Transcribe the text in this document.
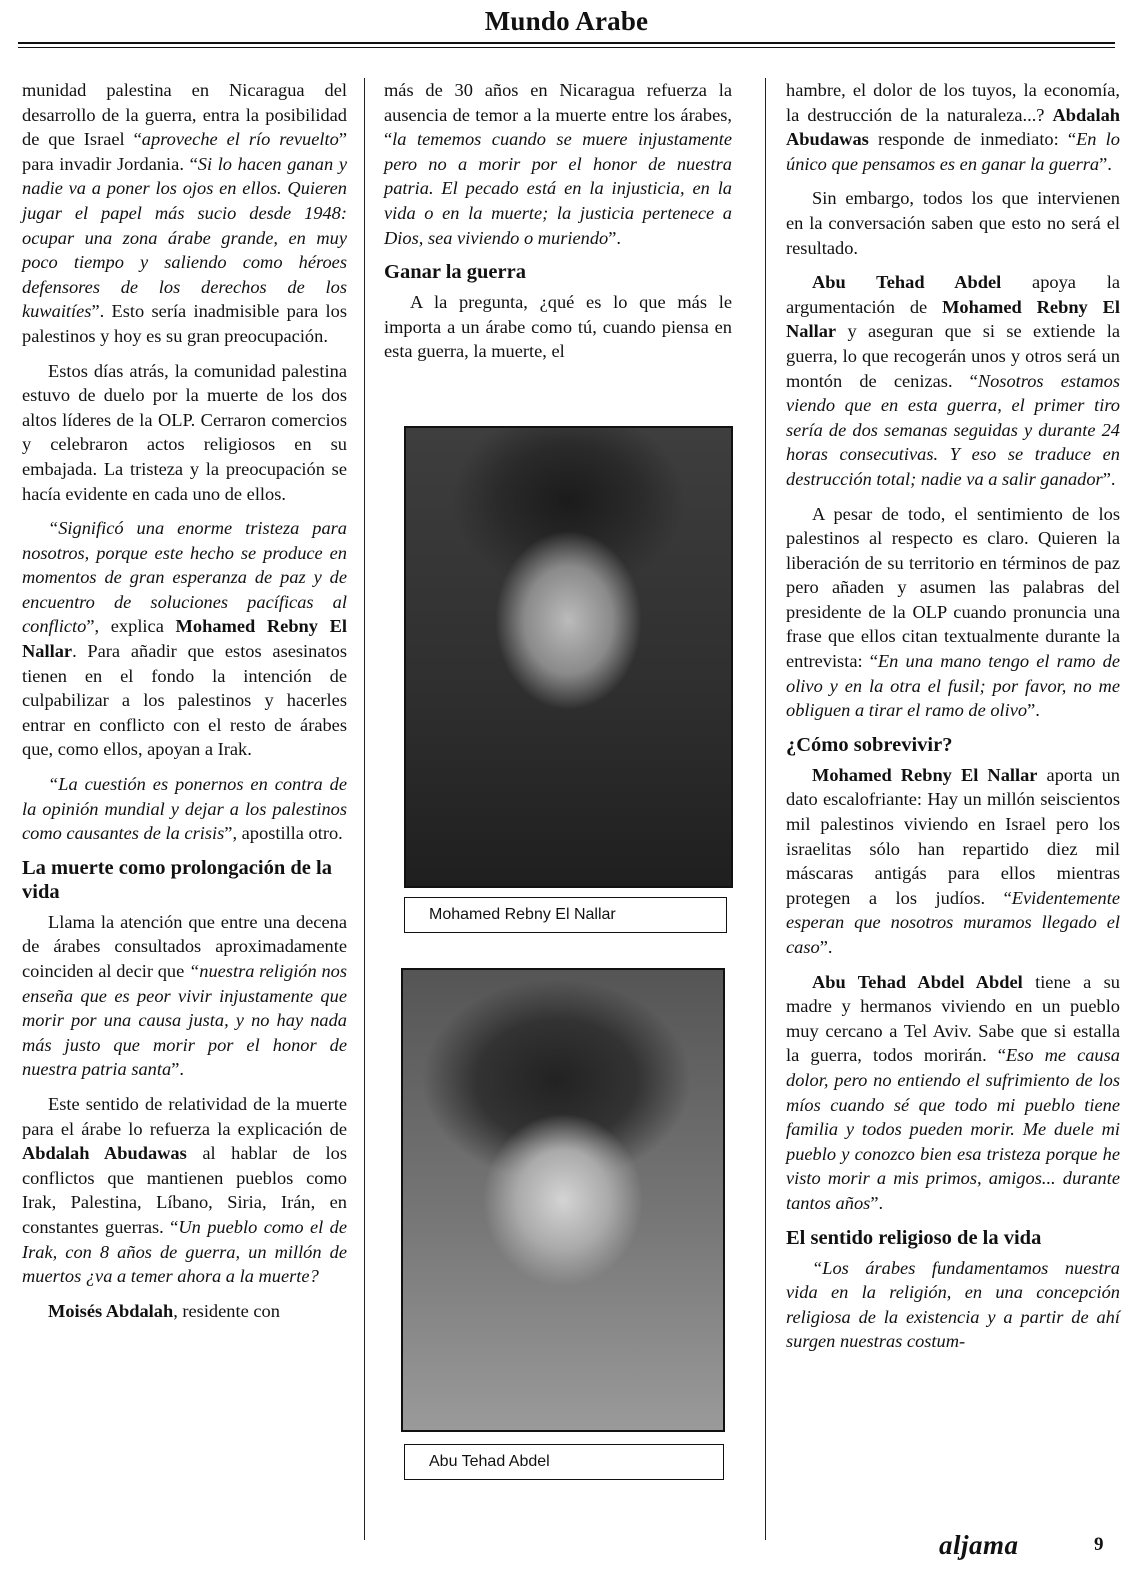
Mundo Arabe

munidad palestina en Nicaragua del desarrollo de la guerra, entra la posibilidad de que Israel “aproveche el río revuelto” para invadir Jordania. “Si lo hacen ganan y nadie va a poner los ojos en ellos. Quieren jugar el papel más sucio desde 1948: ocupar una zona árabe grande, en muy poco tiempo y saliendo como héroes defensores de los derechos de los kuwaitíes”. Esto sería inadmisible para los palestinos y hoy es su gran preocupación.

Estos días atrás, la comunidad palestina estuvo de duelo por la muerte de los dos altos líderes de la OLP. Cerraron comercios y celebraron actos religiosos en su embajada. La tristeza y la preocupación se hacía evidente en cada uno de ellos.

“Significó una enorme tristeza para nosotros, porque este hecho se produce en momentos de gran esperanza de paz y de encuentro de soluciones pacíficas al conflicto”, explica Mohamed Rebny El Nallar. Para añadir que estos asesinatos tienen en el fondo la intención de culpabilizar a los palestinos y hacerles entrar en conflicto con el resto de árabes que, como ellos, apoyan a Irak.

“La cuestión es ponernos en contra de la opinión mundial y dejar a los palestinos como causantes de la crisis”, apostilla otro.

La muerte como prolongación de la vida

Llama la atención que entre una decena de árabes consultados aproximadamente coinciden al decir que “nuestra religión nos enseña que es peor vivir injustamente que morir por una causa justa, y no hay nada más justo que morir por el honor de nuestra patria santa”.

Este sentido de relatividad de la muerte para el árabe lo refuerza la explicación de Abdalah Abudawas al hablar de los conflictos que mantienen pueblos como Irak, Palestina, Líbano, Siria, Irán, en constantes guerras. “Un pueblo como el de Irak, con 8 años de guerra, un millón de muertos ¿va a temer ahora a la muerte?

Moisés Abdalah, residente con

más de 30 años en Nicaragua refuerza la ausencia de temor a la muerte entre los árabes, “la tememos cuando se muere injustamente pero no a morir por el honor de nuestra patria. El pecado está en la injusticia, en la vida o en la muerte; la justicia pertenece a Dios, sea viviendo o muriendo”.

Ganar la guerra

A la pregunta, ¿qué es lo que más le importa a un árabe como tú, cuando piensa en esta guerra, la muerte, el

Mohamed Rebny El Nallar
Abu Tehad Abdel

hambre, el dolor de los tuyos, la economía, la destrucción de la naturaleza...? Abdalah Abudawas responde de inmediato: “En lo único que pensamos es en ganar la guerra”.

Sin embargo, todos los que intervienen en la conversación saben que esto no será el resultado.

Abu Tehad Abdel apoya la argumentación de Mohamed Rebny El Nallar y aseguran que si se extiende la guerra, lo que recogerán unos y otros será un montón de cenizas. “Nosotros estamos viendo que en esta guerra, el primer tiro sería de dos semanas seguidas y durante 24 horas consecutivas. Y eso se traduce en destrucción total; nadie va a salir ganador”.

A pesar de todo, el sentimiento de los palestinos al respecto es claro. Quieren la liberación de su territorio en términos de paz pero añaden y asumen las palabras del presidente de la OLP cuando pronuncia una frase que ellos citan textualmente durante la entrevista: “En una mano tengo el ramo de olivo y en la otra el fusil; por favor, no me obliguen a tirar el ramo de olivo”.

¿Cómo sobrevivir?

Mohamed Rebny El Nallar aporta un dato escalofriante: Hay un millón seiscientos mil palestinos viviendo en Israel pero los israelitas sólo han repartido diez mil máscaras antigás para ellos mientras protegen a los judíos. “Evidentemente esperan que nosotros muramos llegado el caso”.

Abu Tehad Abdel Abdel tiene a su madre y hermanos viviendo en un pueblo muy cercano a Tel Aviv. Sabe que si estalla la guerra, todos morirán. “Eso me causa dolor, pero no entiendo el sufrimiento de los míos cuando sé que todo mi pueblo tiene familia y todos pueden morir. Me duele mi pueblo y conozco bien esa tristeza porque he visto morir a mis primos, amigos... durante tantos años”.

El sentido religioso de la vida

“Los árabes fundamentamos nuestra vida en la religión, en una concepción religiosa de la existencia y a partir de ahí surgen nuestras costum-

aljama	9
